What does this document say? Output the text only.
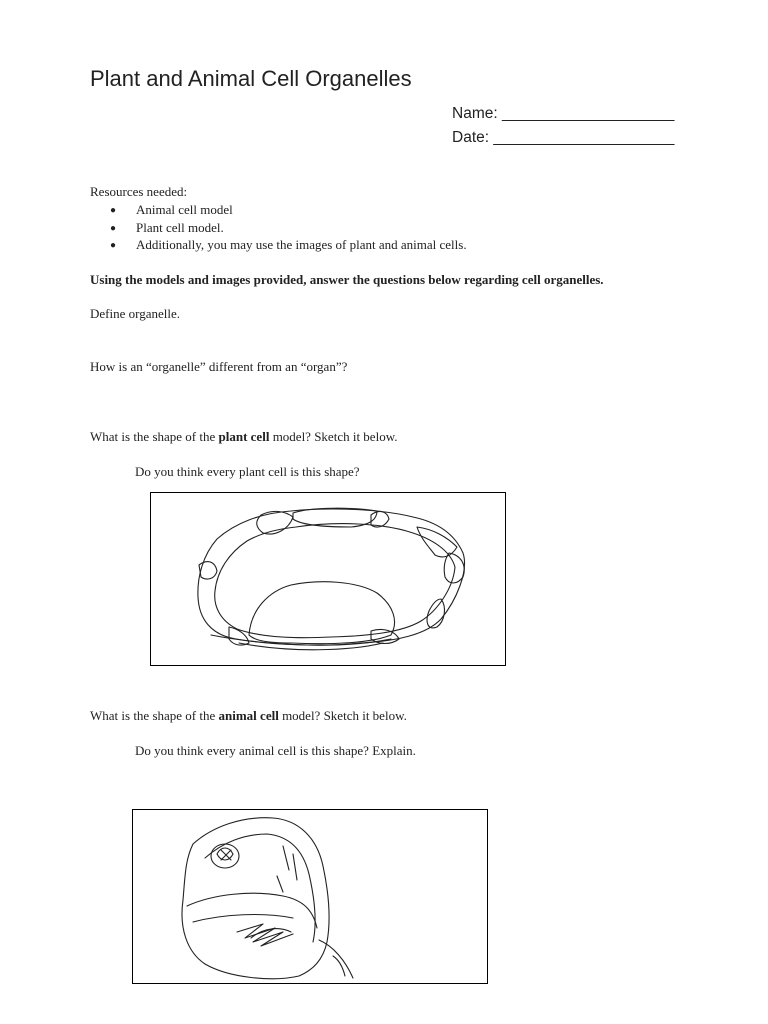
Plant and Animal Cell Organelles
Name: ____________________
Date: _____________________
Resources needed:
● Animal cell model
● Plant cell model.
● Additionally, you may use the images of plant and animal cells.
Using the models and images provided, answer the questions below regarding cell organelles.
Define organelle.
How is an “organelle” different from an “organ”?
What is the shape of the plant cell model? Sketch it below.
Do you think every plant cell is this shape?
What is the shape of the animal cell model? Sketch it below.
Do you think every animal cell is this shape? Explain.
